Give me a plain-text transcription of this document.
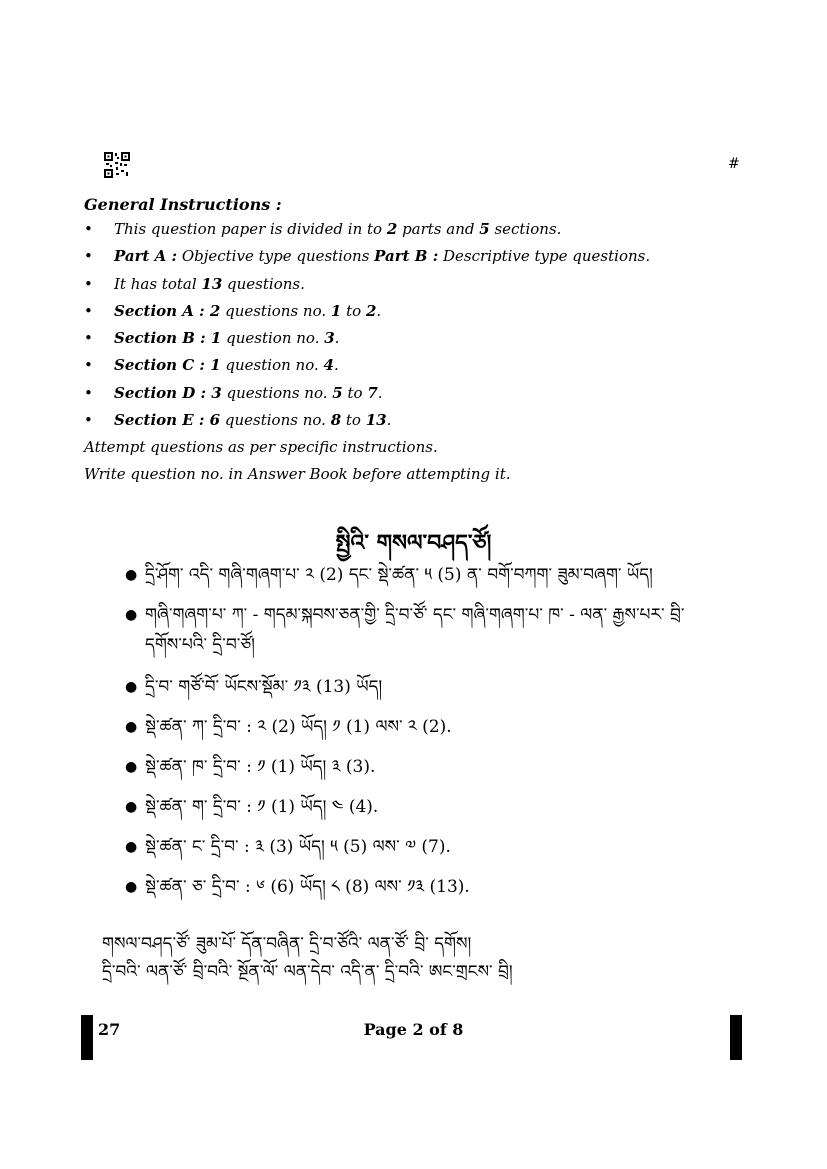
#
General Instructions :
• This question paper is divided in to 2 parts and 5 sections.
• Part A : Objective type questions Part B : Descriptive type questions.
• It has total 13 questions.
• Section A : 2 questions no. 1 to 2.
• Section B : 1 question no. 3.
• Section C : 1 question no. 4.
• Section D : 3 questions no. 5 to 7.
• Section E : 6 questions no. 8 to 13.
Attempt questions as per specific instructions.
Write question no. in Answer Book before attempting it.
སྤྱིའི་ གསལ་བཤད་ཙོ།
● དྲི་ཤོག་ འདི་ གཞི་གཞག་པ་ ༢ (2) དང་ སྡེ་ཚན་ ༥ (5) ན་ བགོ་བཀག་ ཟུམ་བཞག་ ཡོད།
● གཞི་གཞག་པ་ ཀ་ - གདམ་སྐབས་ཅན་གྱི་ དྲི་བ་ཙོ་ དང་ གཞི་གཞག་པ་ ཁ་ - ལན་ རྒྱས་པར་ བྲི་དགོས་པའི་ དྲི་བ་ཙོ།
● དྲི་བ་ གཙོ་བོ་ ཡོངས་སྡོམ་ ༡༣ (13) ཡོད།
● སྡེ་ཚན་ ཀ་ དྲི་བ་ : ༢ (2) ཡོད། ༡ (1) ལས་ ༢ (2).
● སྡེ་ཚན་ ཁ་ དྲི་བ་ : ༡ (1) ཡོད། ༣ (3).
● སྡེ་ཚན་ ག་ དྲི་བ་ : ༡ (1) ཡོད། ༤ (4).
● སྡེ་ཚན་ ང་ དྲི་བ་ : ༣ (3) ཡོད། ༥ (5) ལས་ ༧ (7).
● སྡེ་ཚན་ ཅ་ དྲི་བ་ : ༦ (6) ཡོད། ༨ (8) ལས་ ༡༣ (13).
གསལ་བཤད་ཙོ་ ཟུམ་པོ་ དོན་བཞིན་ དྲི་བ་ཙོའི་ ལན་ཙོ་ བྲི་ དགོས།
དྲི་བའི་ ལན་ཙོ་ བྲི་བའི་ སྔོན་ལོ་ ལན་དེབ་ འདི་ན་ དྲི་བའི་ ཨང་གྲངས་ བྲི།
27	Page 2 of 8
